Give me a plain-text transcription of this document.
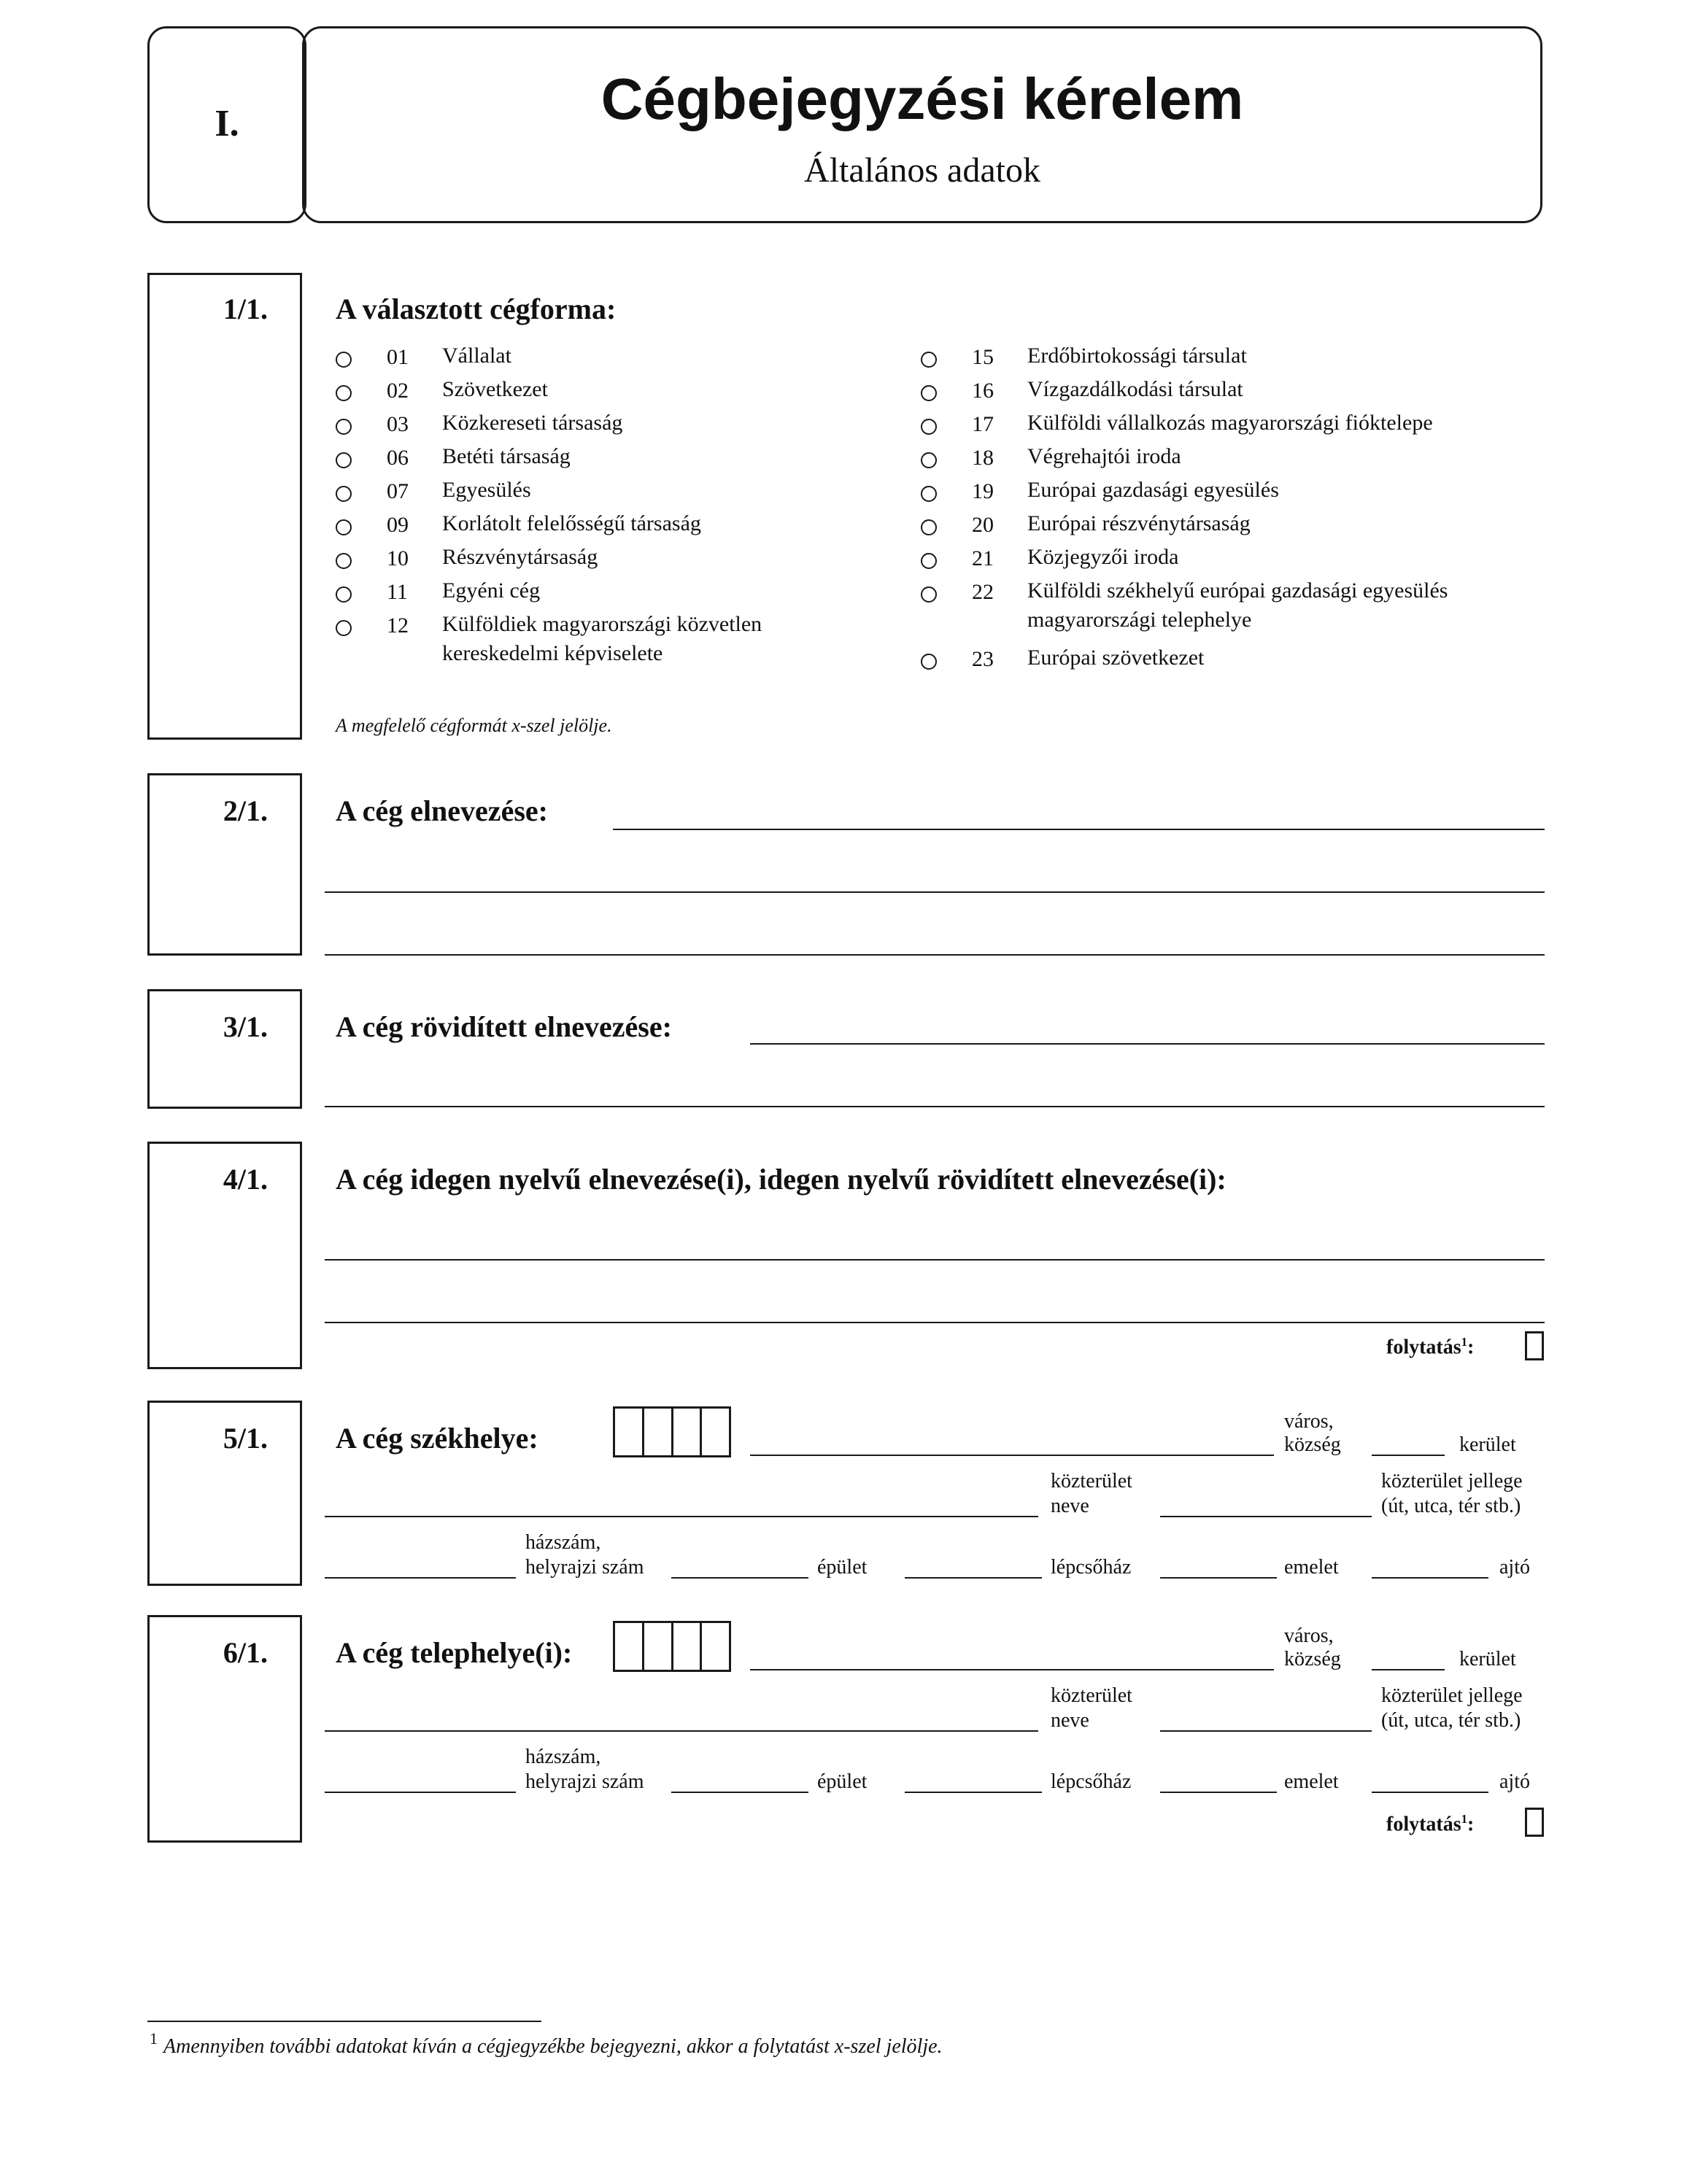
I.	Cégbejegyzési kérelem
Általános adatok
1/1. A választott cégforma:
01	Vállalat
02	Szövetkezet
03	Közkereseti társaság
06	Betéti társaság
07	Egyesülés
09	Korlátolt felelősségű társaság
10	Részvénytársaság
11	Egyéni cég
12	Külföldiek magyarországi közvetlen
kereskedelmi képviselete
15	Erdőbirtokossági társulat
16	Vízgazdálkodási társulat
17	Külföldi vállalkozás magyarországi fióktelepe
18	Végrehajtói iroda
19	Európai gazdasági egyesülés
20	Európai részvénytársaság
21	Közjegyzői iroda
22	Külföldi székhelyű európai gazdasági egyesülés
magyarországi telephelye
23	Európai szövetkezet
A megfelelő cégformát x-szel jelölje.
2/1. A cég elnevezése:
3/1. A cég rövidített elnevezése:
4/1. A cég idegen nyelvű elnevezése(i), idegen nyelvű rövidített elnevezése(i):
folytatás$^1$:
5/1. A cég székhelye:
város,
község	kerület
közterület
neve
közterület jellege
(út, utca, tér stb.)
házszám,
helyrajzi szám	épület	lépcsőház	emelet	ajtó
6/1. A cég telephelye(i):
város,
község	kerület
közterület
neve
közterület jellege
(út, utca, tér stb.)
házszám,
helyrajzi szám	épület	lépcsőház	emelet	ajtó
folytatás$^1$:
1 Amennyiben további adatokat kíván a cégjegyzékbe bejegyezni, akkor a folytatást x-szel jelölje.
